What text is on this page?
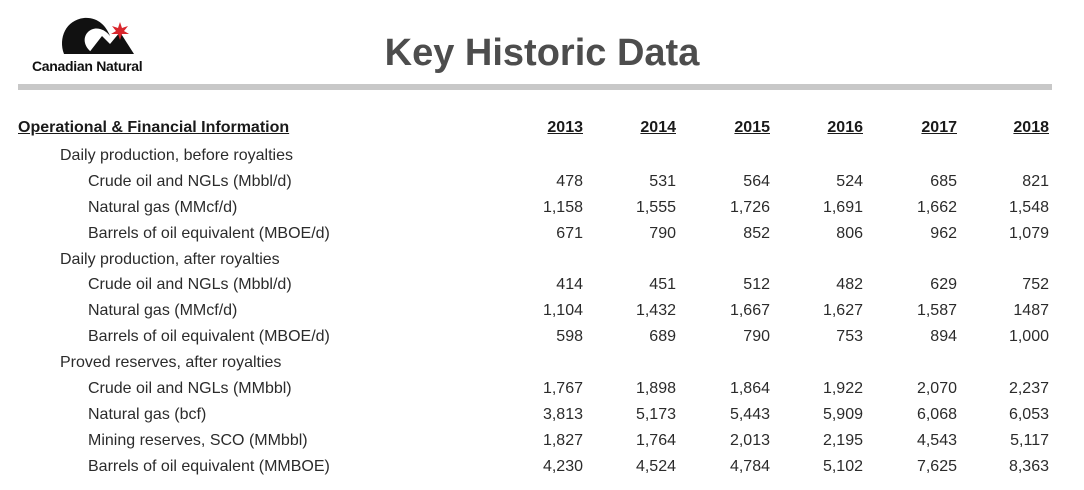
Canadian Natural	Key Historic Data
Operational & Financial Information	2013	2014	2015	2016	2017	2018
Daily production, before royalties
Crude oil and NGLs (Mbbl/d)	478	531	564	524	685	821
Natural gas (MMcf/d)	1,158	1,555	1,726	1,691	1,662	1,548
Barrels of oil equivalent (MBOE/d)	671	790	852	806	962	1,079
Daily production, after royalties
Crude oil and NGLs (Mbbl/d)	414	451	512	482	629	752
Natural gas (MMcf/d)	1,104	1,432	1,667	1,627	1,587	1487
Barrels of oil equivalent (MBOE/d)	598	689	790	753	894	1,000
Proved reserves, after royalties
Crude oil and NGLs (MMbbl)	1,767	1,898	1,864	1,922	2,070	2,237
Natural gas (bcf)	3,813	5,173	5,443	5,909	6,068	6,053
Mining reserves, SCO (MMbbl)	1,827	1,764	2,013	2,195	4,543	5,117
Barrels of oil equivalent (MMBOE)	4,230	4,524	4,784	5,102	7,625	8,363
